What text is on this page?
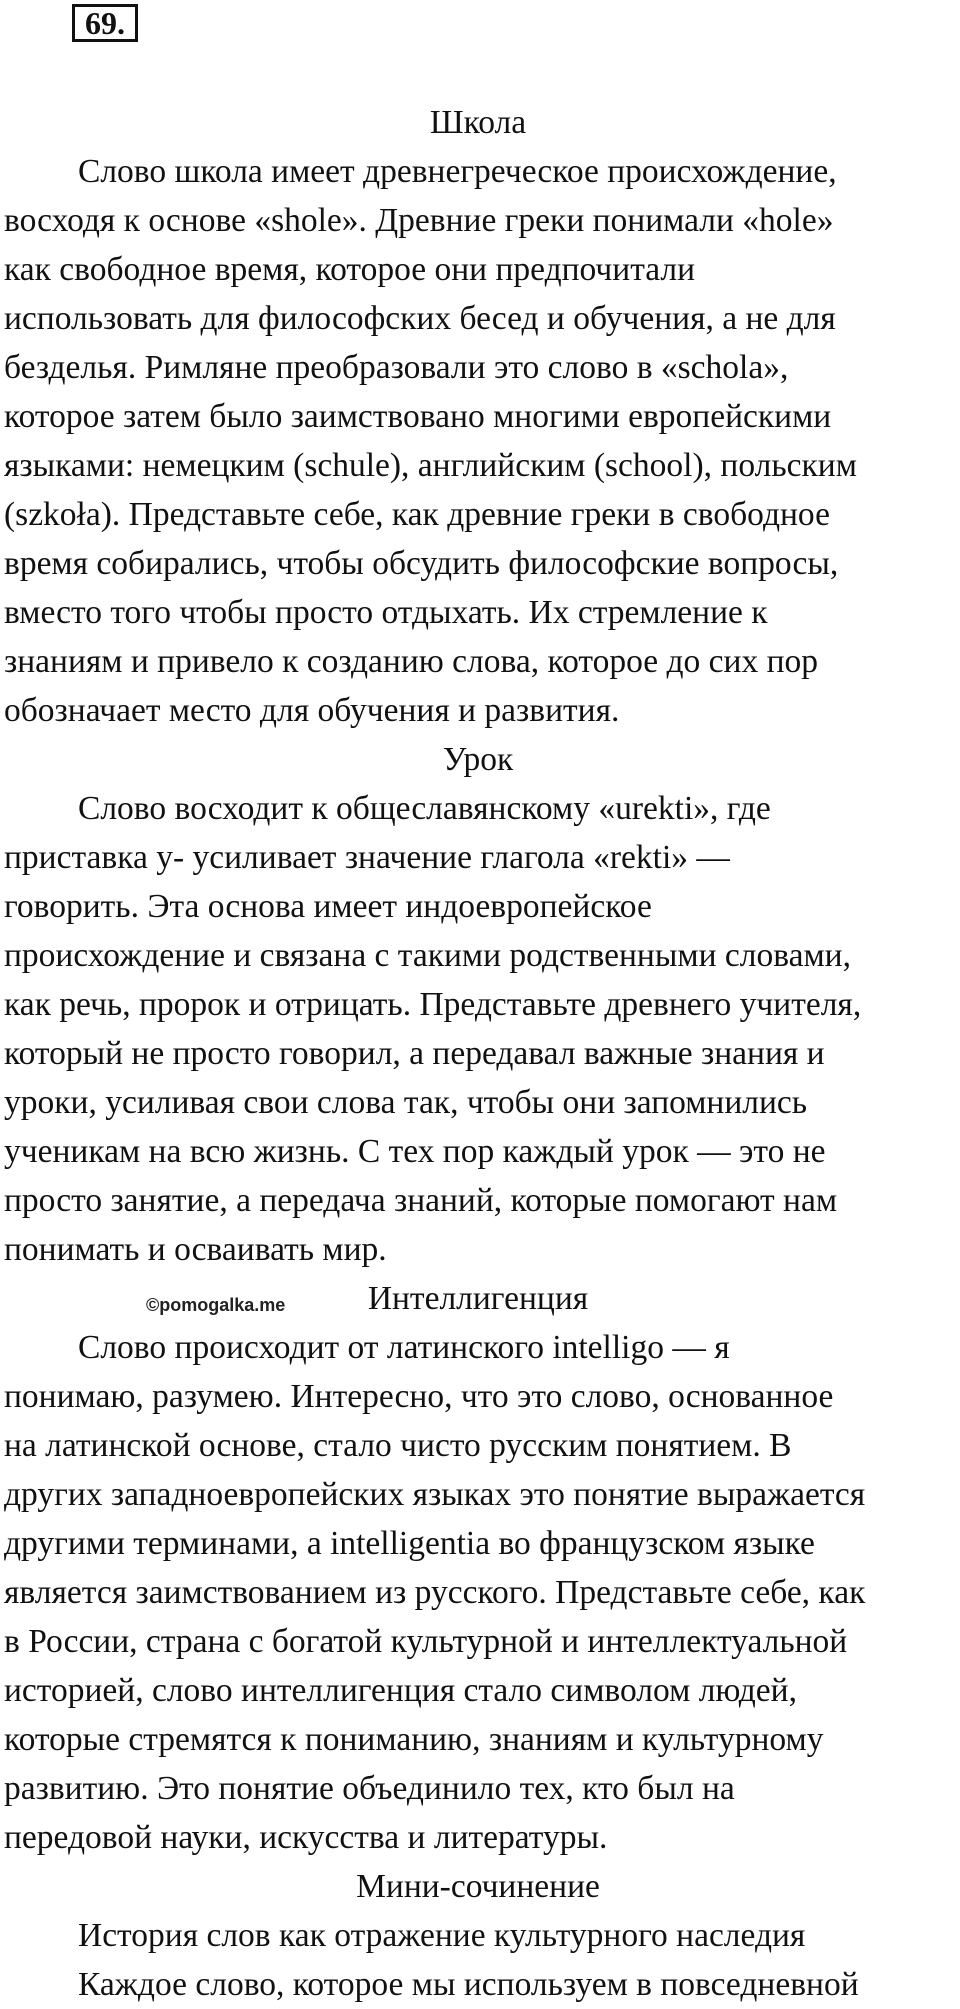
69.
©pomogalka.me
Школа
Слово школа имеет древнегреческое происхождение,
восходя к основе «shole». Древние греки понимали «hole»
как свободное время, которое они предпочитали
использовать для философских бесед и обучения, а не для
безделья. Римляне преобразовали это слово в «schola»,
которое затем было заимствовано многими европейскими
языками: немецким (schule), английским (school), польским
(szkoła). Представьте себе, как древние греки в свободное
время собирались, чтобы обсудить философские вопросы,
вместо того чтобы просто отдыхать. Их стремление к
знаниям и привело к созданию слова, которое до сих пор
обозначает место для обучения и развития.
Урок
Слово восходит к общеславянскому «urekti», где
приставка у- усиливает значение глагола «rekti» —
говорить. Эта основа имеет индоевропейское
происхождение и связана с такими родственными словами,
как речь, пророк и отрицать. Представьте древнего учителя,
который не просто говорил, а передавал важные знания и
уроки, усиливая свои слова так, чтобы они запомнились
ученикам на всю жизнь. С тех пор каждый урок — это не
просто занятие, а передача знаний, которые помогают нам
понимать и осваивать мир.
Интеллигенция
Слово происходит от латинского intelligo — я
понимаю, разумею. Интересно, что это слово, основанное
на латинской основе, стало чисто русским понятием. В
других западноевропейских языках это понятие выражается
другими терминами, а intelligentia во французском языке
является заимствованием из русского. Представьте себе, как
в России, страна с богатой культурной и интеллектуальной
историей, слово интеллигенция стало символом людей,
которые стремятся к пониманию, знаниям и культурному
развитию. Это понятие объединило тех, кто был на
передовой науки, искусства и литературы.
Мини-сочинение
История слов как отражение культурного наследия
Каждое слово, которое мы используем в повседневной
